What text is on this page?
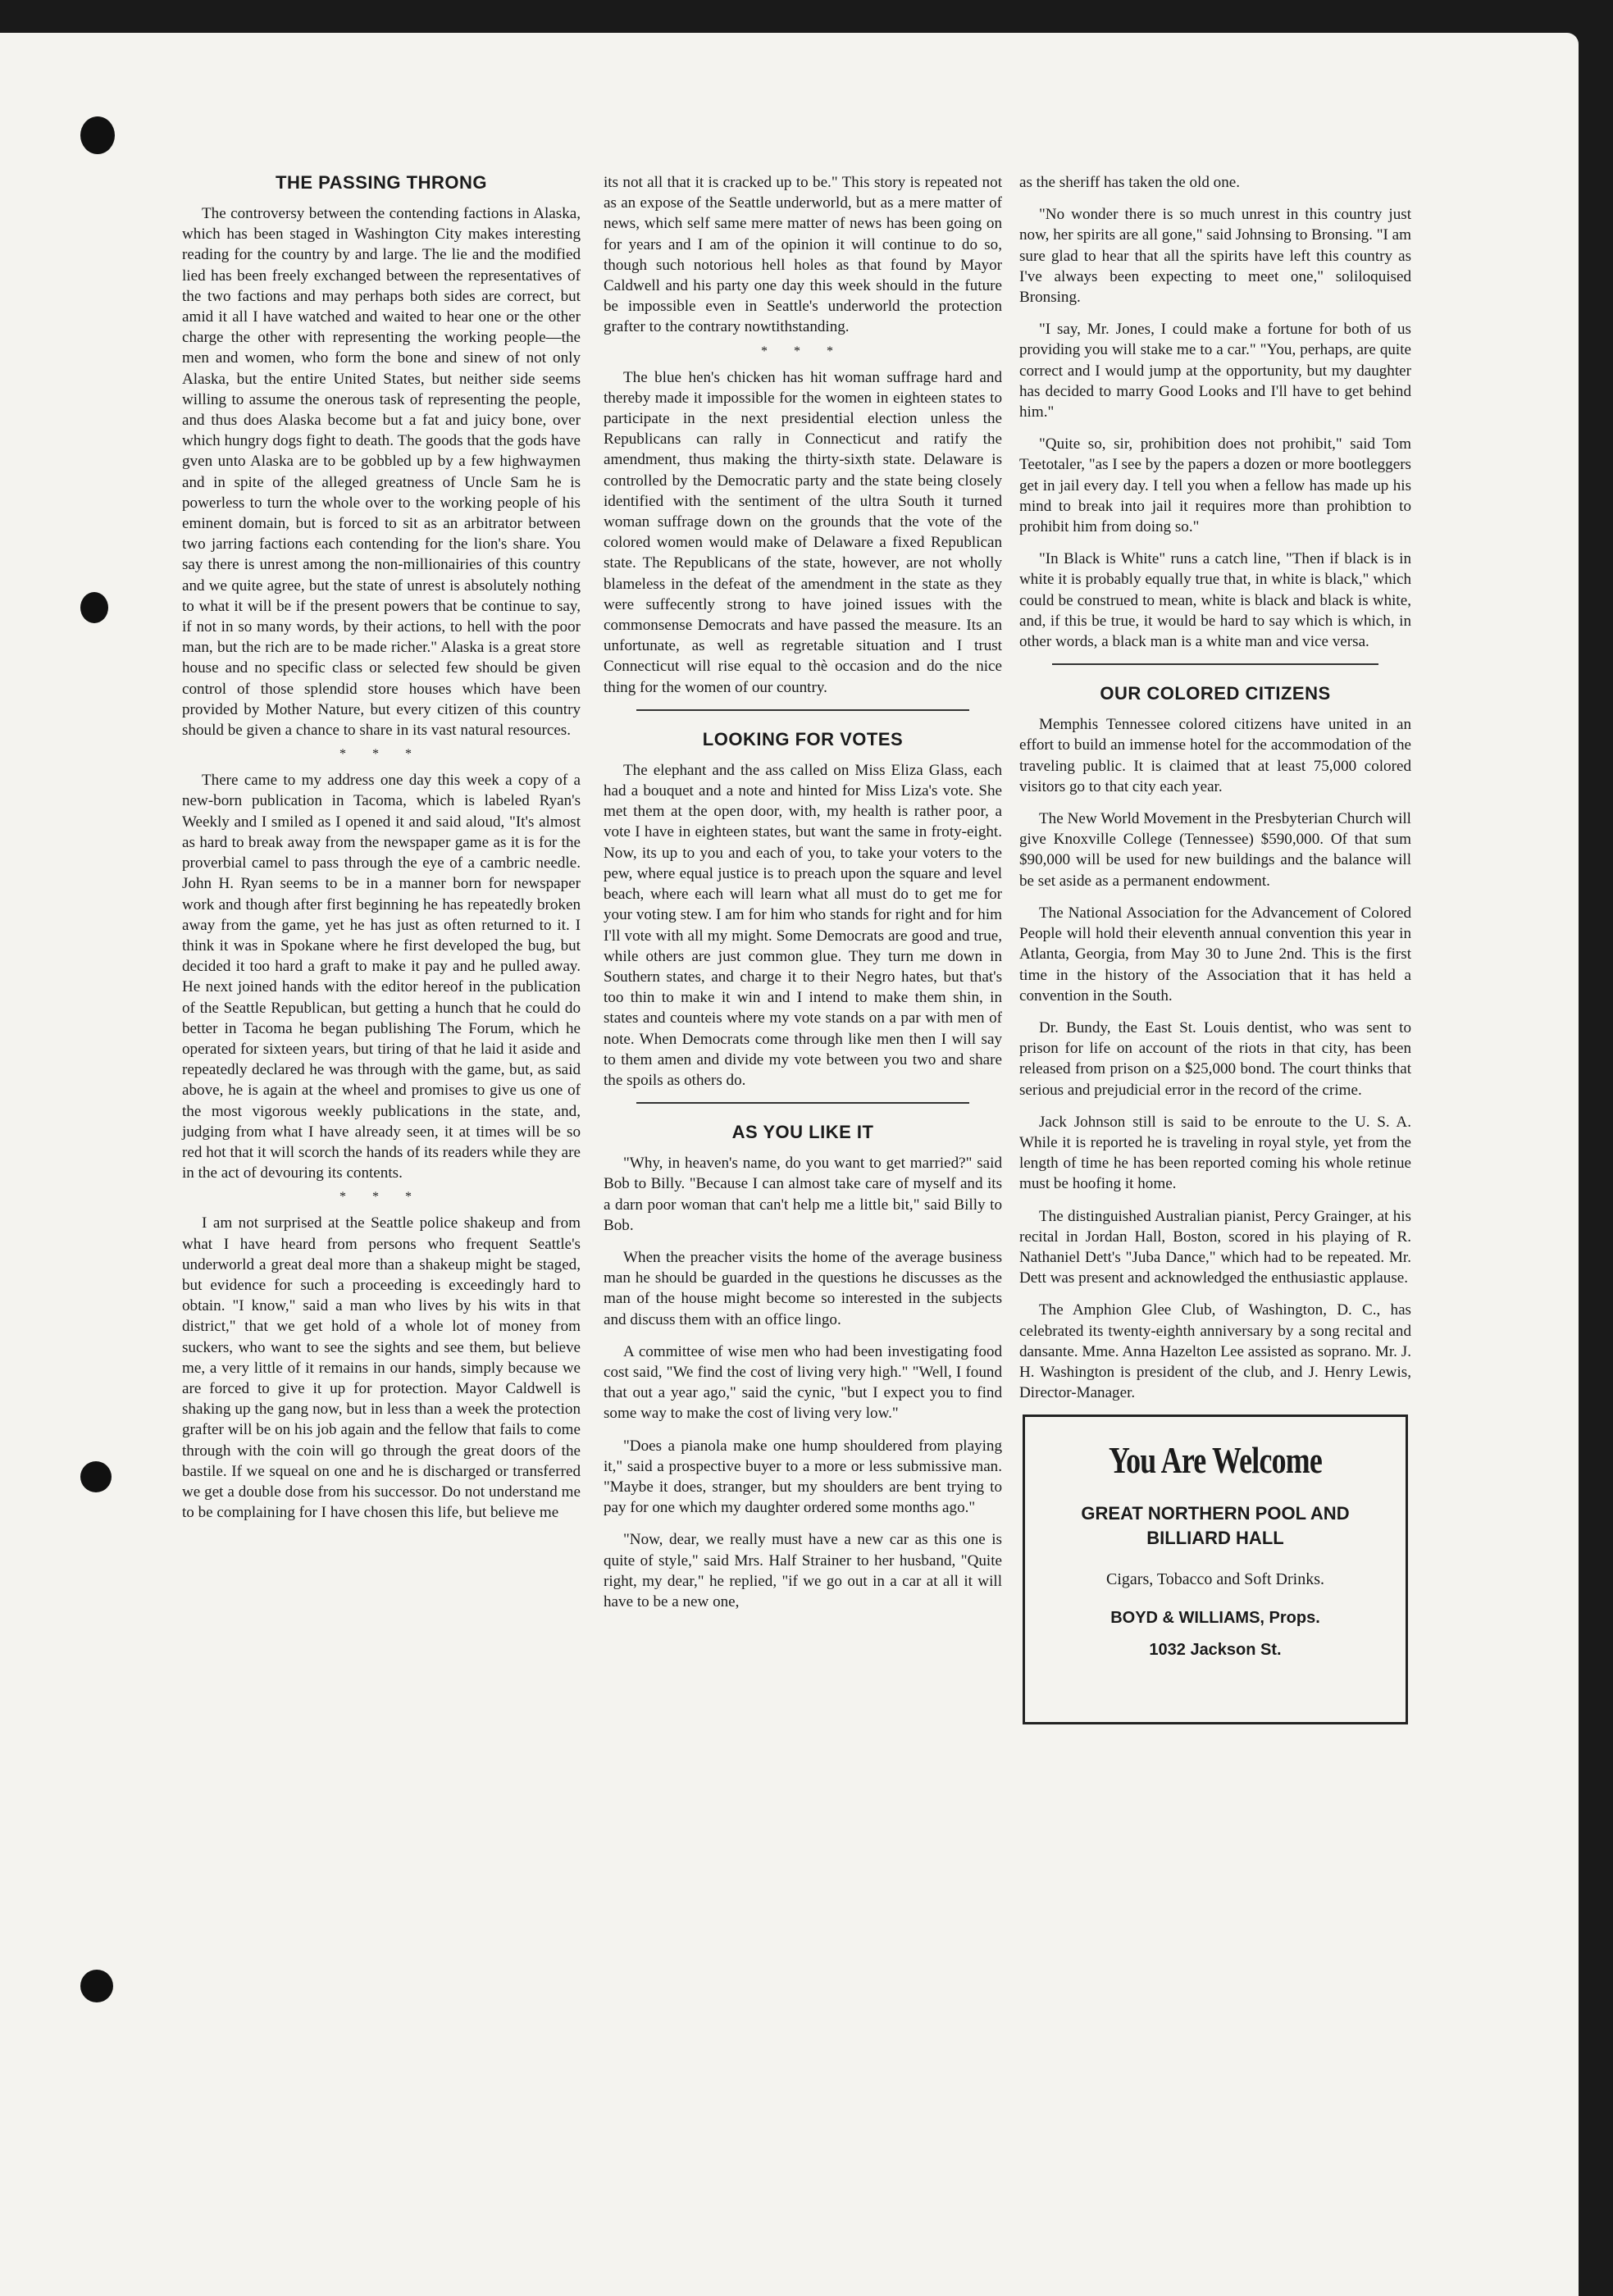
THE PASSING THRONG

The controversy between the contending factions in Alaska, which has been staged in Washington City makes interesting reading for the country by and large. The lie and the modified lied has been freely exchanged between the representatives of the two factions and may perhaps both sides are correct, but amid it all I have watched and waited to hear one or the other charge the other with representing the working people—the men and women, who form the bone and sinew of not only Alaska, but the entire United States, but neither side seems willing to assume the onerous task of representing the people, and thus does Alaska become but a fat and juicy bone, over which hungry dogs fight to death. The goods that the gods have gven unto Alaska are to be gobbled up by a few highwaymen and in spite of the alleged greatness of Uncle Sam he is powerless to turn the whole over to the working people of his eminent domain, but is forced to sit as an arbitrator between two jarring factions each contending for the lion's share. You say there is unrest among the non-millionairies of this country and we quite agree, but the state of unrest is absolutely nothing to what it will be if the present powers that be continue to say, if not in so many words, by their actions, to hell with the poor man, but the rich are to be made richer." Alaska is a great store house and no specific class or selected few should be given control of those splendid store houses which have been provided by Mother Nature, but every citizen of this country should be given a chance to share in its vast natural resources.

* * *

There came to my address one day this week a copy of a new-born publication in Tacoma, which is labeled Ryan's Weekly and I smiled as I opened it and said aloud, "It's almost as hard to break away from the newspaper game as it is for the proverbial camel to pass through the eye of a cambric needle. John H. Ryan seems to be in a manner born for newspaper work and though after first beginning he has repeatedly broken away from the game, yet he has just as often returned to it. I think it was in Spokane where he first developed the bug, but decided it too hard a graft to make it pay and he pulled away. He next joined hands with the editor hereof in the publication of the Seattle Republican, but getting a hunch that he could do better in Tacoma he began publishing The Forum, which he operated for sixteen years, but tiring of that he laid it aside and repeatedly declared he was through with the game, but, as said above, he is again at the wheel and promises to give us one of the most vigorous weekly publications in the state, and, judging from what I have already seen, it at times will be so red hot that it will scorch the hands of its readers while they are in the act of devouring its contents.

* * *

I am not surprised at the Seattle police shakeup and from what I have heard from persons who frequent Seattle's underworld a great deal more than a shakeup might be staged, but evidence for such a proceeding is exceedingly hard to obtain. "I know," said a man who lives by his wits in that district," that we get hold of a whole lot of money from suckers, who want to see the sights and see them, but believe me, a very little of it remains in our hands, simply because we are forced to give it up for protection. Mayor Caldwell is shaking up the gang now, but in less than a week the protection grafter will be on his job again and the fellow that fails to come through with the coin will go through the great doors of the bastile. If we squeal on one and he is discharged or transferred we get a double dose from his successor. Do not understand me to be complaining for I have chosen this life, but believe me

its not all that it is cracked up to be." This story is repeated not as an expose of the Seattle underworld, but as a mere matter of news, which self same mere matter of news has been going on for years and I am of the opinion it will continue to do so, though such notorious hell holes as that found by Mayor Caldwell and his party one day this week should in the future be impossible even in Seattle's underworld the protection grafter to the contrary nowtithstanding.

* * *

The blue hen's chicken has hit woman suffrage hard and thereby made it impossible for the women in eighteen states to participate in the next presidential election unless the Republicans can rally in Connecticut and ratify the amendment, thus making the thirty-sixth state. Delaware is controlled by the Democratic party and the state being closely identified with the sentiment of the ultra South it turned woman suffrage down on the grounds that the vote of the colored women would make of Delaware a fixed Republican state. The Republicans of the state, however, are not wholly blameless in the defeat of the amendment in the state as they were suffecently strong to have joined issues with the commonsense Democrats and have passed the measure. Its an unfortunate, as well as regretable situation and I trust Connecticut will rise equal to thè occasion and do the nice thing for the women of our country.

LOOKING FOR VOTES

The elephant and the ass called on Miss Eliza Glass, each had a bouquet and a note and hinted for Miss Liza's vote. She met them at the open door, with, my health is rather poor, a vote I have in eighteen states, but want the same in froty-eight. Now, its up to you and each of you, to take your voters to the pew, where equal justice is to preach upon the square and level beach, where each will learn what all must do to get me for your voting stew. I am for him who stands for right and for him I'll vote with all my might. Some Democrats are good and true, while others are just common glue. They turn me down in Southern states, and charge it to their Negro hates, but that's too thin to make it win and I intend to make them shin, in states and counteis where my vote stands on a par with men of note. When Democrats come through like men then I will say to them amen and divide my vote between you two and share the spoils as others do.

AS YOU LIKE IT

"Why, in heaven's name, do you want to get married?" said Bob to Billy. "Because I can almost take care of myself and its a darn poor woman that can't help me a little bit," said Billy to Bob.

When the preacher visits the home of the average business man he should be guarded in the questions he discusses as the man of the house might become so interested in the subjects and discuss them with an office lingo.

A committee of wise men who had been investigating food cost said, "We find the cost of living very high." "Well, I found that out a year ago," said the cynic, "but I expect you to find some way to make the cost of living very low."

"Does a pianola make one hump shouldered from playing it," said a prospective buyer to a more or less submissive man. "Maybe it does, stranger, but my shoulders are bent trying to pay for one which my daughter ordered some months ago."

"Now, dear, we really must have a new car as this one is quite of style," said Mrs. Half Strainer to her husband, "Quite right, my dear," he replied, "if we go out in a car at all it will have to be a new one,

as the sheriff has taken the old one.

"No wonder there is so much unrest in this country just now, her spirits are all gone," said Johnsing to Bronsing. "I am sure glad to hear that all the spirits have left this country as I've always been expecting to meet one," soliloquised Bronsing.

"I say, Mr. Jones, I could make a fortune for both of us providing you will stake me to a car." "You, perhaps, are quite correct and I would jump at the opportunity, but my daughter has decided to marry Good Looks and I'll have to get behind him."

"Quite so, sir, prohibition does not prohibit," said Tom Teetotaler, "as I see by the papers a dozen or more bootleggers get in jail every day. I tell you when a fellow has made up his mind to break into jail it requires more than prohibtion to prohibit him from doing so."

"In Black is White" runs a catch line, "Then if black is in white it is probably equally true that, in white is black," which could be construed to mean, white is black and black is white, and, if this be true, it would be hard to say which is which, in other words, a black man is a white man and vice versa.

OUR COLORED CITIZENS

Memphis Tennessee colored citizens have united in an effort to build an immense hotel for the accommodation of the traveling public. It is claimed that at least 75,000 colored visitors go to that city each year.

The New World Movement in the Presbyterian Church will give Knoxville College (Tennessee) $590,000. Of that sum $90,000 will be used for new buildings and the balance will be set aside as a permanent endowment.

The National Association for the Advancement of Colored People will hold their eleventh annual convention this year in Atlanta, Georgia, from May 30 to June 2nd. This is the first time in the history of the Association that it has held a convention in the South.

Dr. Bundy, the East St. Louis dentist, who was sent to prison for life on account of the riots in that city, has been released from prison on a $25,000 bond. The court thinks that serious and prejudicial error in the record of the crime.

Jack Johnson still is said to be enroute to the U. S. A. While it is reported he is traveling in royal style, yet from the length of time he has been reported coming his whole retinue must be hoofing it home.

The distinguished Australian pianist, Percy Grainger, at his recital in Jordan Hall, Boston, scored in his playing of R. Nathaniel Dett's "Juba Dance," which had to be repeated. Mr. Dett was present and acknowledged the enthusiastic applause.

The Amphion Glee Club, of Washington, D. C., has celebrated its twenty-eighth anniversary by a song recital and dansante. Mme. Anna Hazelton Lee assisted as soprano. Mr. J. H. Washington is president of the club, and J. Henry Lewis, Director-Manager.

You Are Welcome
GREAT NORTHERN POOL AND
BILLIARD HALL
Cigars, Tobacco and Soft Drinks.
BOYD & WILLIAMS, Props.
1032 Jackson St.
